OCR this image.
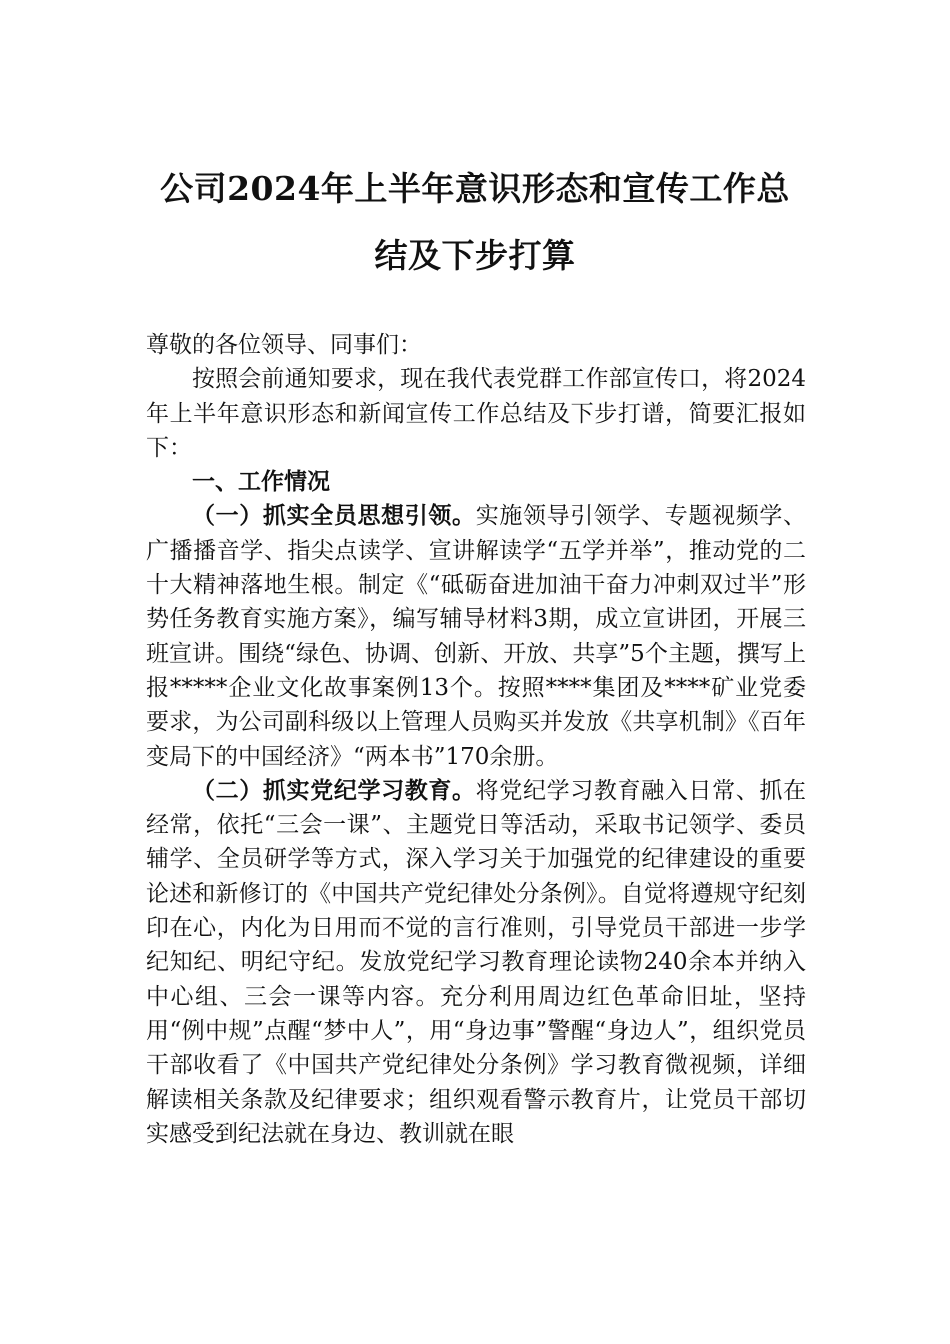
公司2024年上半年意识形态和宣传工作总
结及下步打算

尊敬的各位领导、同事们：

按照会前通知要求，现在我代表党群工作部宣传口，将2024年上半年意识形态和新闻宣传工作总结及下步打谱，简要汇报如下：

一、工作情况

（一）抓实全员思想引领。实施领导引领学、专题视频学、广播播音学、指尖点读学、宣讲解读学“五学并举”，推动党的二十大精神落地生根。制定《“砥砺奋进加油干奋力冲刺双过半”形势任务教育实施方案》，编写辅导材料3期，成立宣讲团，开展三班宣讲。围绕“绿色、协调、创新、开放、共享”5个主题，撰写上报*****企业文化故事案例13个。按照****集团及****矿业党委要求，为公司副科级以上管理人员购买并发放《共享机制》《百年变局下的中国经济》“两本书”170余册。

（二）抓实党纪学习教育。将党纪学习教育融入日常、抓在经常，依托“三会一课”、主题党日等活动，采取书记领学、委员辅学、全员研学等方式，深入学习关于加强党的纪律建设的重要论述和新修订的《中国共产党纪律处分条例》。自觉将遵规守纪刻印在心，内化为日用而不觉的言行准则，引导党员干部进一步学纪知纪、明纪守纪。发放党纪学习教育理论读物240余本并纳入中心组、三会一课等内容。充分利用周边红色革命旧址，坚持用“例中规”点醒“梦中人”，用“身边事”警醒“身边人”，组织党员干部收看了《中国共产党纪律处分条例》学习教育微视频，详细解读相关条款及纪律要求；组织观看警示教育片，让党员干部切实感受到纪法就在身边、教训就在眼
